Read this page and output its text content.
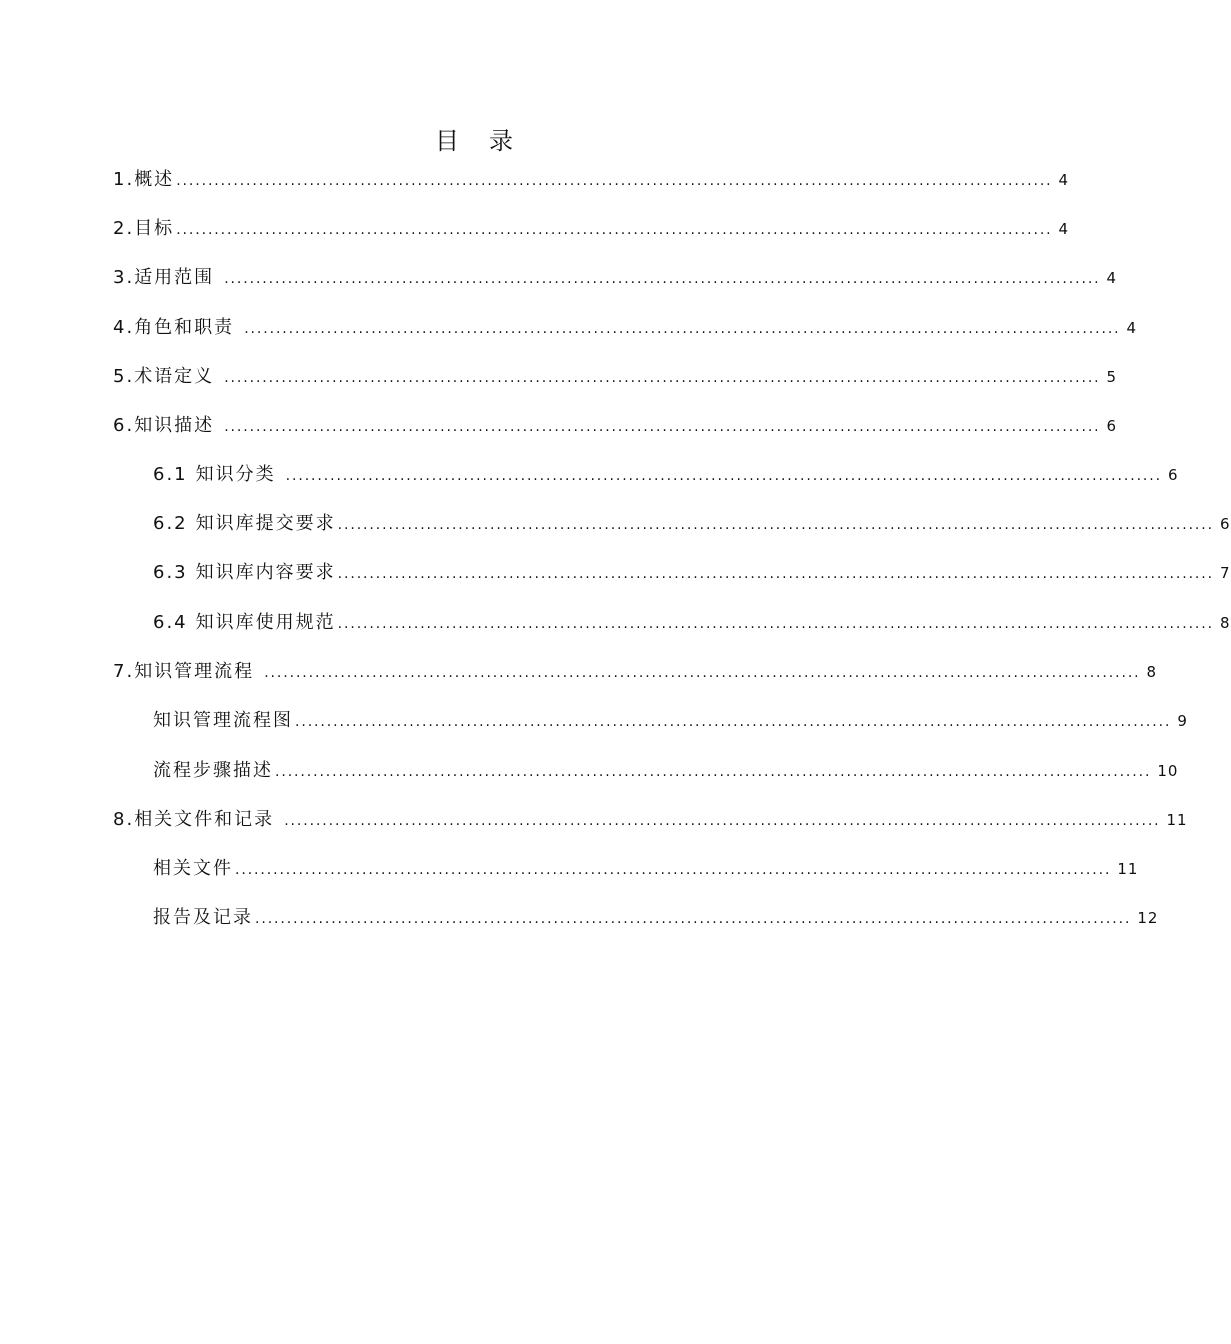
目 录
1. 概述 .......................................................................................................................................... 4
2. 目标 .......................................................................................................................................... 4
3. 适用范围 .......................................................................................................................................... 4
4. 角色和职责 .......................................................................................................................................... 4
5. 术语定义 .......................................................................................................................................... 5
6. 知识描述 .......................................................................................................................................... 6
6.1 知识分类 .......................................................................................................................................... 6
6.2 知识库提交要求 .......................................................................................................................................... 6
6.3 知识库内容要求 .......................................................................................................................................... 7
6.4 知识库使用规范 .......................................................................................................................................... 8
7. 知识管理流程 .......................................................................................................................................... 8
知识管理流程图 .......................................................................................................................................... 9
流程步骤描述 .......................................................................................................................................... 10
8. 相关文件和记录 .......................................................................................................................................... 11
相关文件 .......................................................................................................................................... 11
报告及记录 .......................................................................................................................................... 12
